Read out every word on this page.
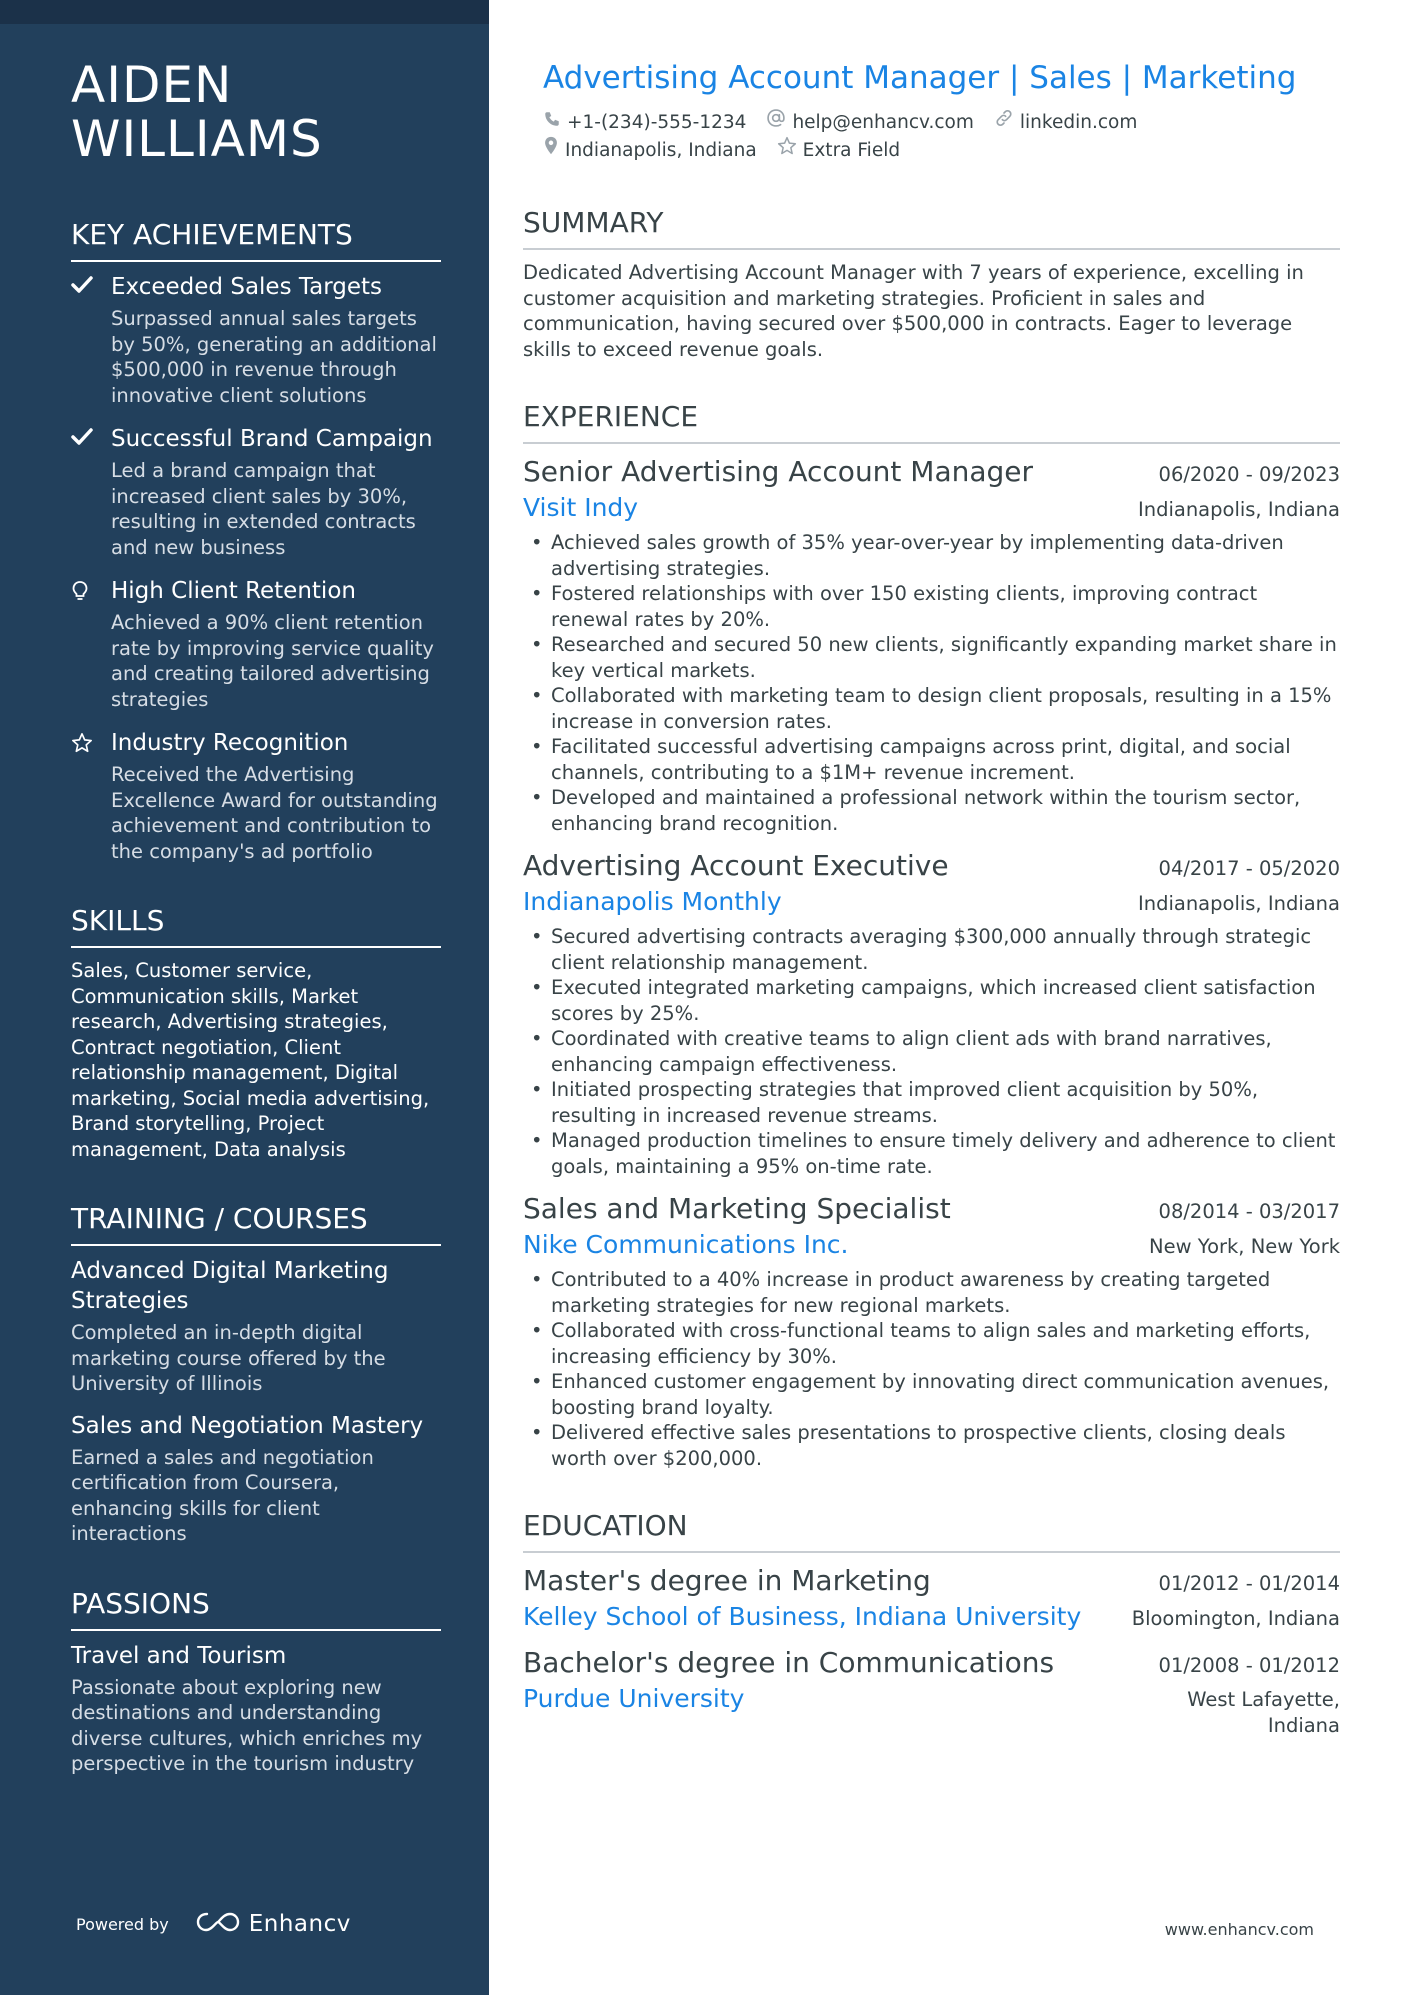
AIDEN
WILLIAMS
KEY ACHIEVEMENTS
Exceeded Sales Targets
Surpassed annual sales targets by 50%, generating an additional $500,000 in revenue through innovative client solutions
Successful Brand Campaign
Led a brand campaign that increased client sales by 30%, resulting in extended contracts and new business
High Client Retention
Achieved a 90% client retention rate by improving service quality and creating tailored advertising strategies
Industry Recognition
Received the Advertising Excellence Award for outstanding achievement and contribution to the company's ad portfolio
SKILLS
Sales, Customer service, Communication skills, Market research, Advertising strategies, Contract negotiation, Client relationship management, Digital marketing, Social media advertising, Brand storytelling, Project management, Data analysis
TRAINING / COURSES
Advanced Digital Marketing Strategies
Completed an in-depth digital marketing course offered by the University of Illinois
Sales and Negotiation Mastery
Earned a sales and negotiation certification from Coursera, enhancing skills for client interactions
PASSIONS
Travel and Tourism
Passionate about exploring new destinations and understanding diverse cultures, which enriches my perspective in the tourism industry
Powered by	Enhancv
Advertising Account Manager | Sales | Marketing
+1-(234)-555-1234 help@enhancv.com linkedin.com
Indianapolis, Indiana Extra Field
SUMMARY
Dedicated Advertising Account Manager with 7 years of experience, excelling in customer acquisition and marketing strategies. Proficient in sales and communication, having secured over $500,000 in contracts. Eager to leverage skills to exceed revenue goals.
EXPERIENCE
Senior Advertising Account Manager	06/2020 - 09/2023
Visit Indy	Indianapolis, Indiana
• Achieved sales growth of 35% year-over-year by implementing data-driven advertising strategies.
• Fostered relationships with over 150 existing clients, improving contract renewal rates by 20%.
• Researched and secured 50 new clients, significantly expanding market share in key vertical markets.
• Collaborated with marketing team to design client proposals, resulting in a 15% increase in conversion rates.
• Facilitated successful advertising campaigns across print, digital, and social channels, contributing to a $1M+ revenue increment.
• Developed and maintained a professional network within the tourism sector, enhancing brand recognition.
Advertising Account Executive	04/2017 - 05/2020
Indianapolis Monthly	Indianapolis, Indiana
• Secured advertising contracts averaging $300,000 annually through strategic client relationship management.
• Executed integrated marketing campaigns, which increased client satisfaction scores by 25%.
• Coordinated with creative teams to align client ads with brand narratives, enhancing campaign effectiveness.
• Initiated prospecting strategies that improved client acquisition by 50%, resulting in increased revenue streams.
• Managed production timelines to ensure timely delivery and adherence to client goals, maintaining a 95% on-time rate.
Sales and Marketing Specialist	08/2014 - 03/2017
Nike Communications Inc.	New York, New York
• Contributed to a 40% increase in product awareness by creating targeted marketing strategies for new regional markets.
• Collaborated with cross-functional teams to align sales and marketing efforts, increasing efficiency by 30%.
• Enhanced customer engagement by innovating direct communication avenues, boosting brand loyalty.
• Delivered effective sales presentations to prospective clients, closing deals worth over $200,000.
EDUCATION
Master's degree in Marketing	01/2012 - 01/2014
Kelley School of Business, Indiana University	Bloomington, Indiana
Bachelor's degree in Communications	01/2008 - 01/2012
Purdue University	West Lafayette,
Indiana
www.enhancv.com
